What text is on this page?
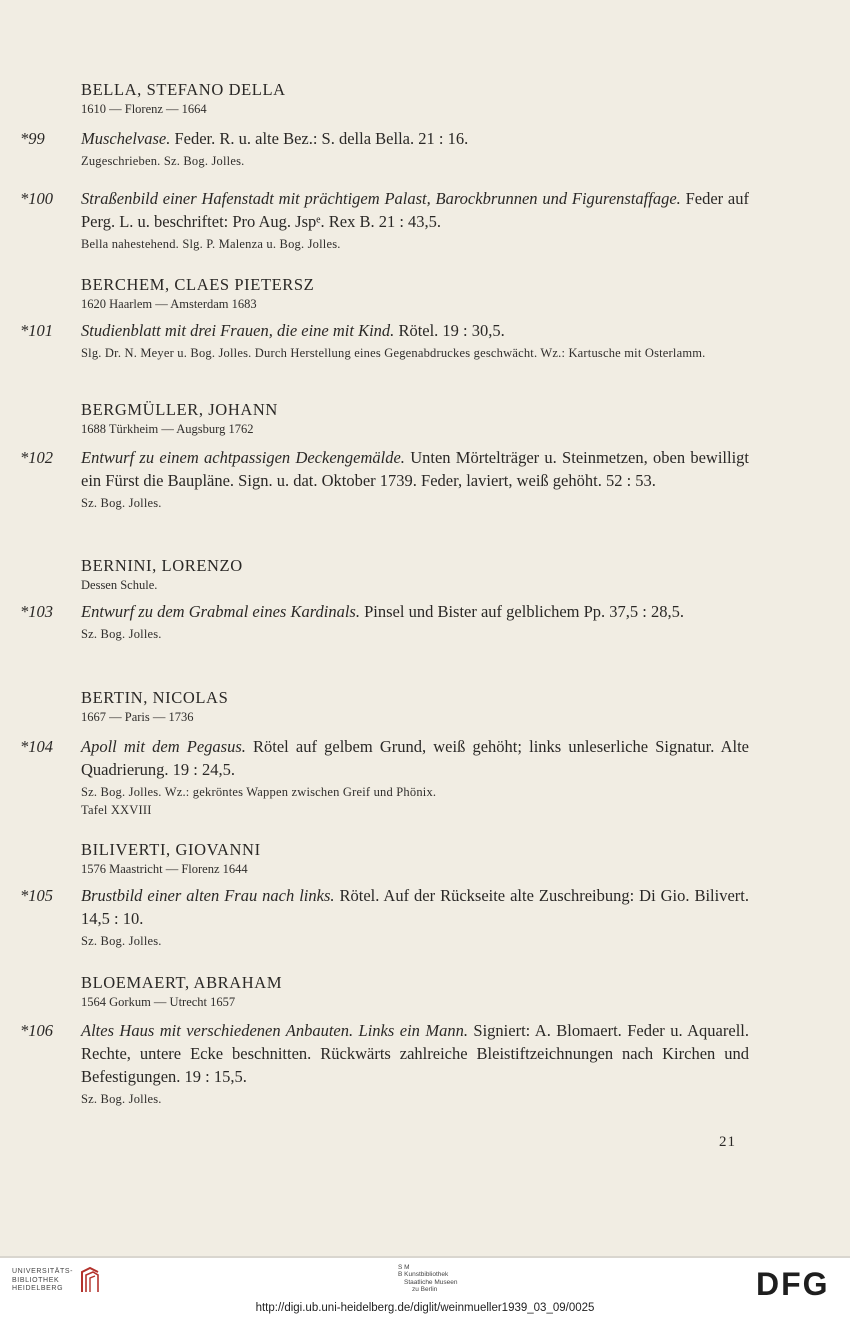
BELLA, STEFANO DELLA
1610 — Florenz — 1664
*99	Muschelvase. Feder. R. u. alte Bez.: S. della Bella. 21 : 16.
Zugeschrieben. Sz. Bog. Jolles.
*100	Straßenbild einer Hafenstadt mit prächtigem Palast, Barockbrunnen und Figurenstaffage. Feder auf Perg. L. u. beschriftet: Pro Aug. Jspᵉ. Rex B. 21 : 43,5.
Bella nahestehend. Slg. P. Malenza u. Bog. Jolles.
BERCHEM, CLAES PIETERSZ
1620 Haarlem — Amsterdam 1683
*101	Studienblatt mit drei Frauen, die eine mit Kind. Rötel. 19 : 30,5.
Slg. Dr. N. Meyer u. Bog. Jolles. Durch Herstellung eines Gegenabdruckes geschwächt. Wz.: Kartusche mit Osterlamm.
BERGMÜLLER, JOHANN
1688 Türkheim — Augsburg 1762
*102	Entwurf zu einem achtpassigen Deckengemälde. Unten Mörtelträger u. Steinmetzen, oben bewilligt ein Fürst die Baupläne. Sign. u. dat. Oktober 1739. Feder, laviert, weiß gehöht. 52 : 53.
Sz. Bog. Jolles.
BERNINI, LORENZO
Dessen Schule.
*103	Entwurf zu dem Grabmal eines Kardinals. Pinsel und Bister auf gelblichem Pp. 37,5 : 28,5.
Sz. Bog. Jolles.
BERTIN, NICOLAS
1667 — Paris — 1736
*104	Apoll mit dem Pegasus. Rötel auf gelbem Grund, weiß gehöht; links unleserliche Signatur. Alte Quadrierung. 19 : 24,5.
Sz. Bog. Jolles. Wz.: gekröntes Wappen zwischen Greif und Phönix.
Tafel XXVIII
BILIVERTI, GIOVANNI
1576 Maastricht — Florenz 1644
*105	Brustbild einer alten Frau nach links. Rötel. Auf der Rückseite alte Zuschreibung: Di Gio. Bilivert. 14,5 : 10.
Sz. Bog. Jolles.
BLOEMAERT, ABRAHAM
1564 Gorkum — Utrecht 1657
*106	Altes Haus mit verschiedenen Anbauten. Links ein Mann. Signiert: A. Blomaert. Feder u. Aquarell. Rechte, untere Ecke beschnitten. Rückwärts zahlreiche Bleistiftzeichnungen nach Kirchen und Befestigungen. 19 : 15,5.
Sz. Bog. Jolles.
21
UNIVERSITÄTS-
BIBLIOTHEK
HEIDELBERG
S M
B Kunstbibliothek
Staatliche Museen
zu Berlin	DFG
http://digi.ub.uni-heidelberg.de/diglit/weinmueller1939_03_09/0025
